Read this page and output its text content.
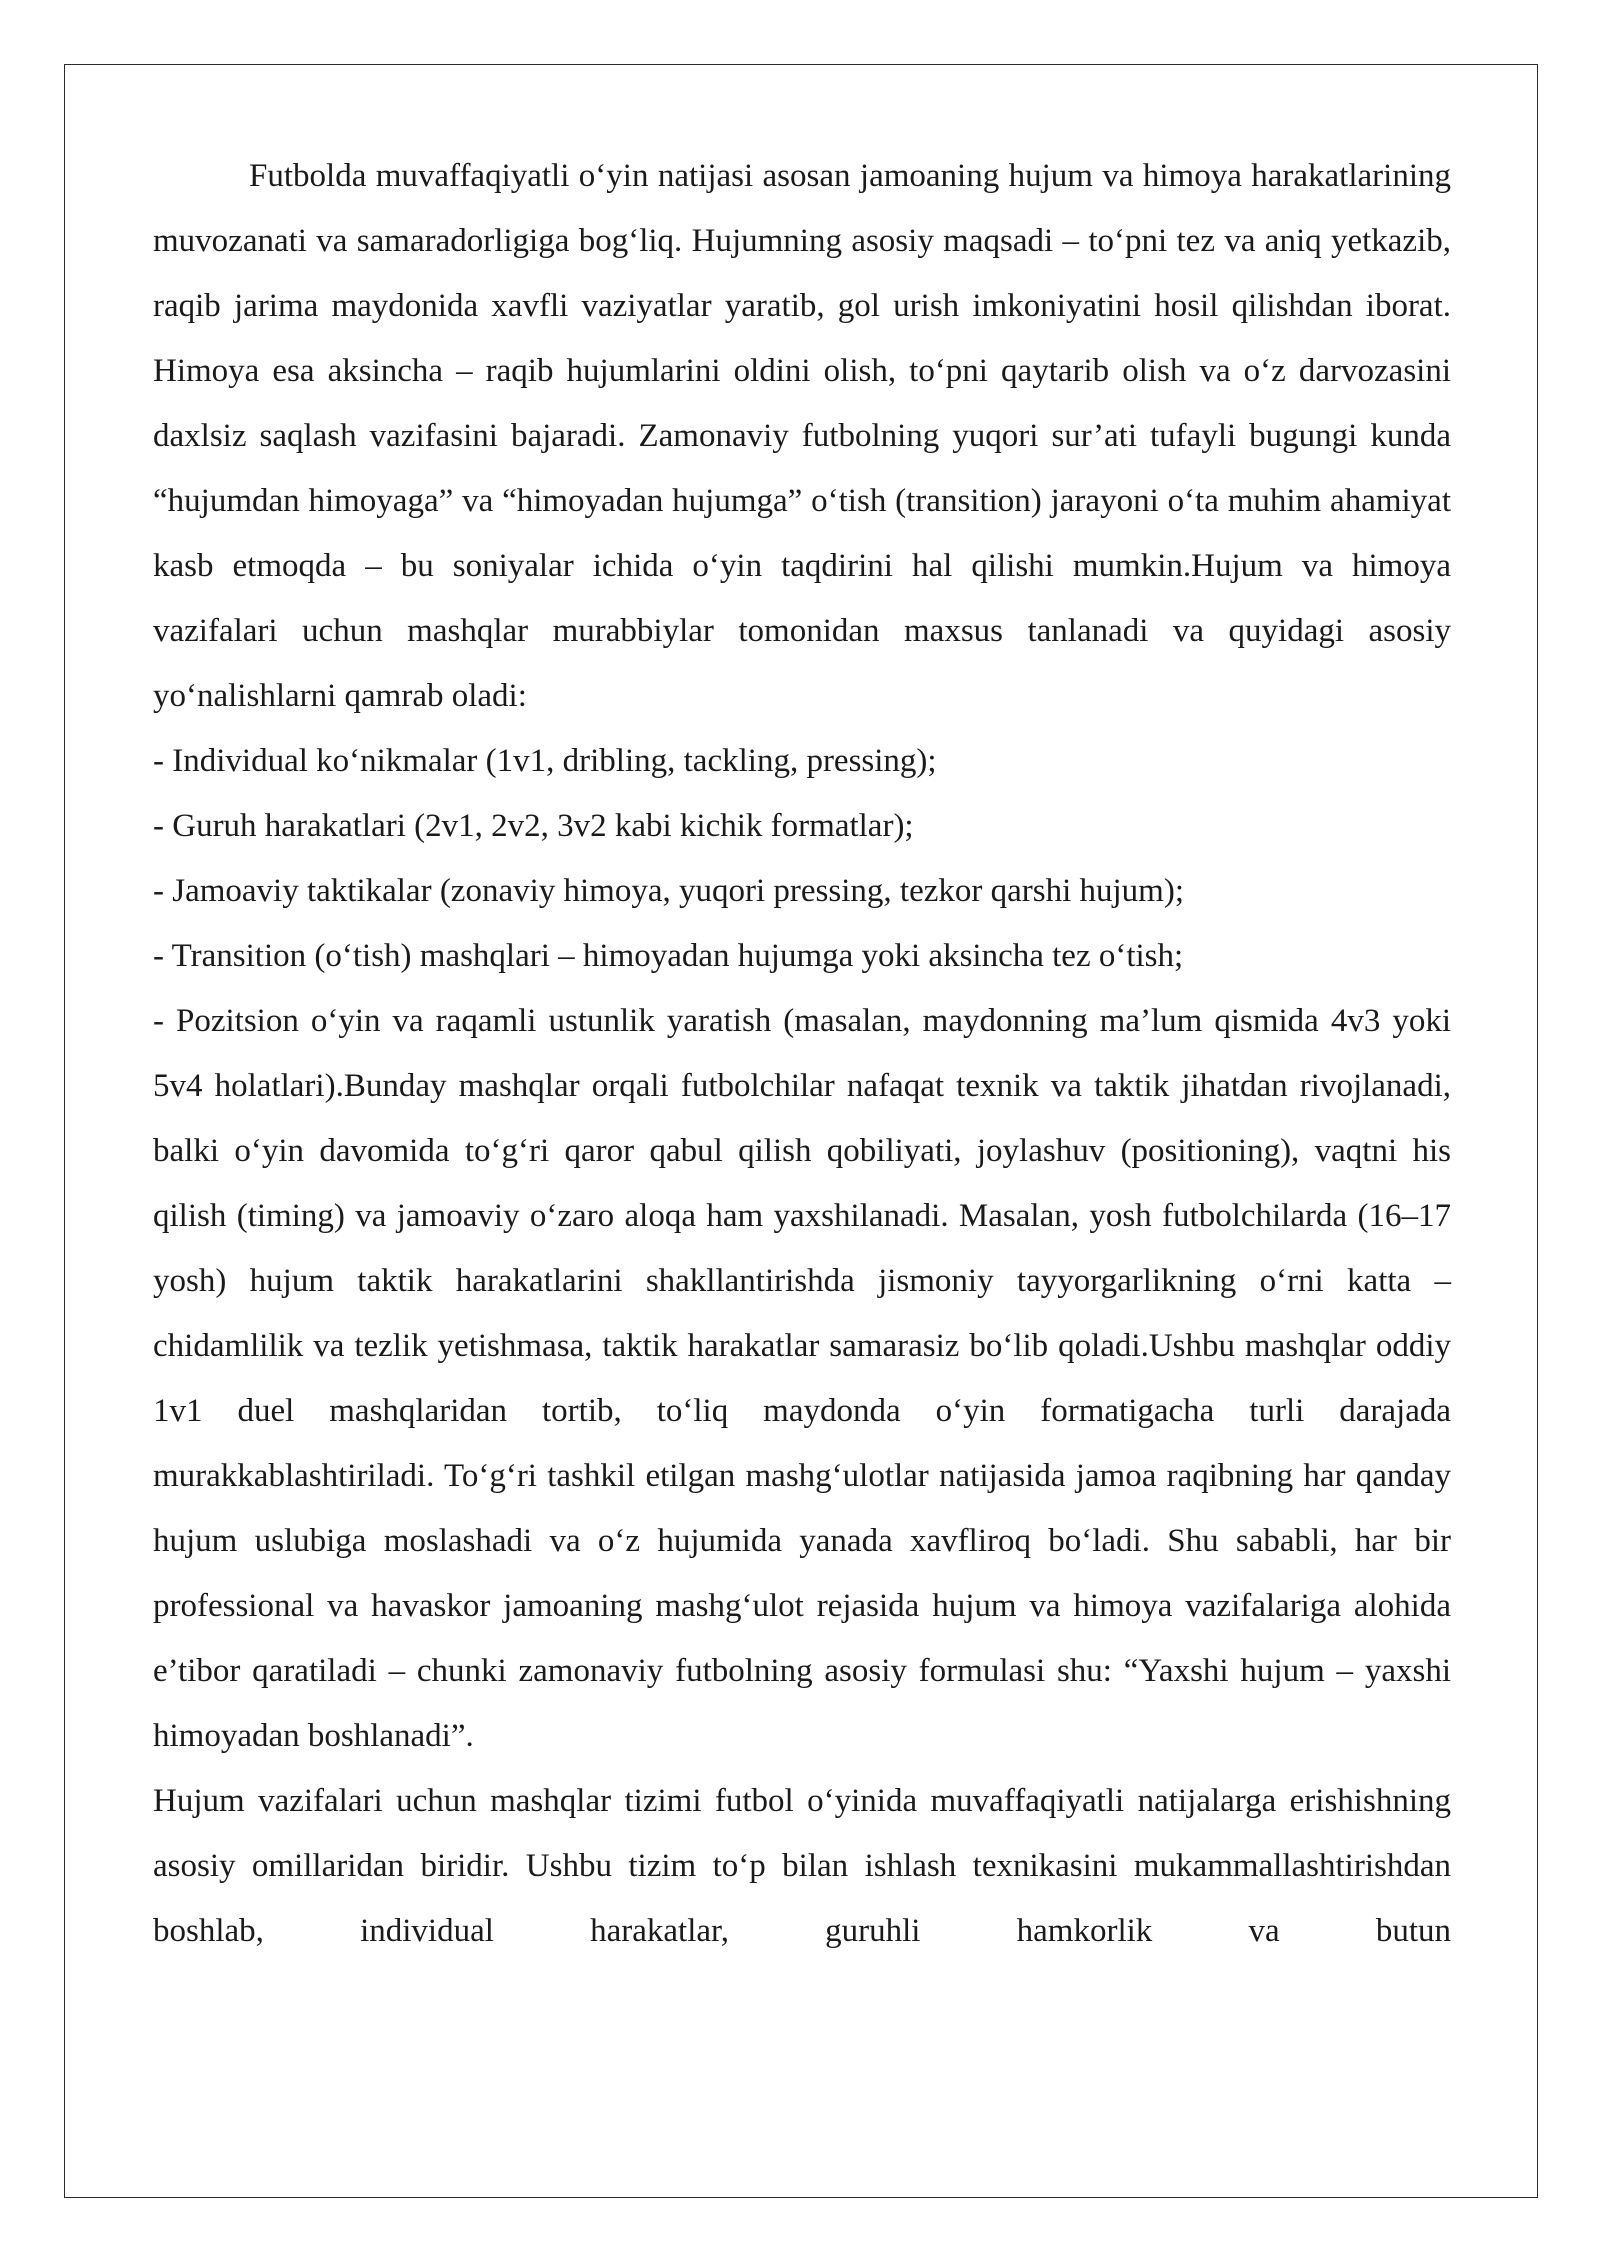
Futbolda muvaffaqiyatli o‘yin natijasi asosan jamoaning hujum va himoya harakatlarining muvozanati va samaradorligiga bog‘liq. Hujumning asosiy maqsadi – to‘pni tez va aniq yetkazib, raqib jarima maydonida xavfli vaziyatlar yaratib, gol urish imkoniyatini hosil qilishdan iborat. Himoya esa aksincha – raqib hujumlarini oldini olish, to‘pni qaytarib olish va o‘z darvozasini daxlsiz saqlash vazifasini bajaradi. Zamonaviy futbolning yuqori sur’ati tufayli bugungi kunda “hujumdan himoyaga” va “himoyadan hujumga” o‘tish (transition) jarayoni o‘ta muhim ahamiyat kasb etmoqda – bu soniyalar ichida o‘yin taqdirini hal qilishi mumkin.Hujum va himoya vazifalari uchun mashqlar murabbiylar tomonidan maxsus tanlanadi va quyidagi asosiy yo‘nalishlarni qamrab oladi:

- Individual ko‘nikmalar (1v1, dribling, tackling, pressing);

- Guruh harakatlari (2v1, 2v2, 3v2 kabi kichik formatlar);

- Jamoaviy taktikalar (zonaviy himoya, yuqori pressing, tezkor qarshi hujum);

- Transition (o‘tish) mashqlari – himoyadan hujumga yoki aksincha tez o‘tish;

- Pozitsion o‘yin va raqamli ustunlik yaratish (masalan, maydonning ma’lum qismida 4v3 yoki 5v4 holatlari).Bunday mashqlar orqali futbolchilar nafaqat texnik va taktik jihatdan rivojlanadi, balki o‘yin davomida to‘g‘ri qaror qabul qilish qobiliyati, joylashuv (positioning), vaqtni his qilish (timing) va jamoaviy o‘zaro aloqa ham yaxshilanadi. Masalan, yosh futbolchilarda (16–17 yosh) hujum taktik harakatlarini shakllantirishda jismoniy tayyorgarlikning o‘rni katta – chidamlilik va tezlik yetishmasa, taktik harakatlar samarasiz bo‘lib qoladi.Ushbu mashqlar oddiy 1v1 duel mashqlaridan tortib, to‘liq maydonda o‘yin formatigacha turli darajada murakkablashtiriladi. To‘g‘ri tashkil etilgan mashg‘ulotlar natijasida jamoa raqibning har qanday hujum uslubiga moslashadi va o‘z hujumida yanada xavfliroq bo‘ladi. Shu sababli, har bir professional va havaskor jamoaning mashg‘ulot rejasida hujum va himoya vazifalariga alohida e’tibor qaratiladi – chunki zamonaviy futbolning asosiy formulasi shu: “Yaxshi hujum – yaxshi himoyadan boshlanadi”.

Hujum vazifalari uchun mashqlar tizimi futbol o‘yinida muvaffaqiyatli natijalarga erishishning asosiy omillaridan biridir. Ushbu tizim to‘p bilan ishlash texnikasini mukammallashtirishdan boshlab, individual harakatlar, guruhli hamkorlik va butun
